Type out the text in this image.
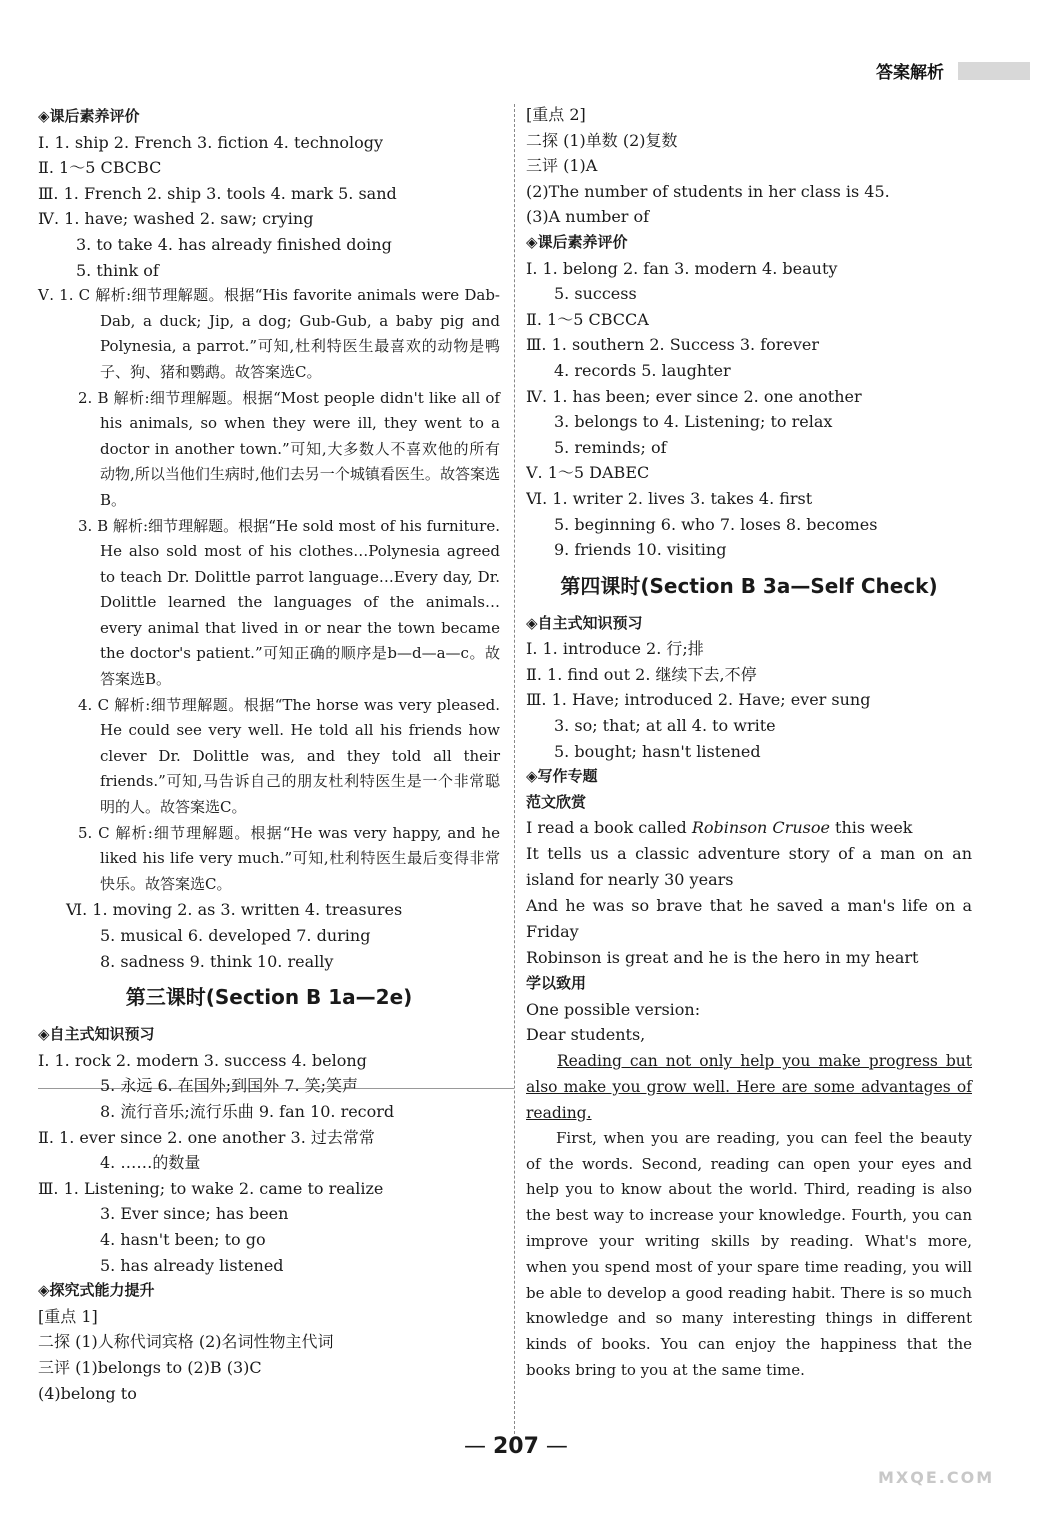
答案解析
◈课后素养评价
Ⅰ. 1. ship 2. French 3. fiction 4. technology
Ⅱ. 1～5 CBCBC
Ⅲ. 1. French 2. ship 3. tools 4. mark 5. sand
Ⅳ. 1. have; washed 2. saw; crying
3. to take 4. has already finished doing
5. think of

Ⅴ. 1. C 解析:细节理解题。根据“His favorite animals were Dab-Dab, a duck; Jip, a dog; Gub-Gub, a baby pig and Polynesia, a parrot.”可知,杜利特医生最喜欢的动物是鸭子、狗、猪和鹦鹉。故答案选C。

2. B 解析:细节理解题。根据“Most people didn't like all of his animals, so when they were ill, they went to a doctor in another town.”可知,大多数人不喜欢他的所有动物,所以当他们生病时,他们去另一个城镇看医生。故答案选B。

3. B 解析:细节理解题。根据“He sold most of his furniture. He also sold most of his clothes…Polynesia agreed to teach Dr. Dolittle parrot language…Every day, Dr. Dolittle learned the languages of the animals…every animal that lived in or near the town became the doctor's patient.”可知正确的顺序是b—d—a—c。故答案选B。

4. C 解析:细节理解题。根据“The horse was very pleased. He could see very well. He told all his friends how clever Dr. Dolittle was, and they told all their friends.”可知,马告诉自己的朋友杜利特医生是一个非常聪明的人。故答案选C。

5. C 解析:细节理解题。根据“He was very happy, and he liked his life very much.”可知,杜利特医生最后变得非常快乐。故答案选C。

Ⅵ. 1. moving 2. as 3. written 4. treasures
5. musical 6. developed 7. during
8. sadness 9. think 10. really
第三课时(Section B 1a—2e)
◈自主式知识预习
Ⅰ. 1. rock 2. modern 3. success 4. belong
5. 永远 6. 在国外;到国外 7. 笑;笑声
8. 流行音乐;流行乐曲 9. fan 10. record
Ⅱ. 1. ever since 2. one another 3. 过去常常
4. ……的数量
Ⅲ. 1. Listening; to wake 2. came to realize
3. Ever since; has been
4. hasn't been; to go
5. has already listened
◈探究式能力提升
[重点 1]
二探 (1)人称代词宾格 (2)名词性物主代词
三评 (1)belongs to (2)B (3)C
(4)belong to
[重点 2]
二探 (1)单数 (2)复数
三评 (1)A
(2)The number of students in her class is 45.
(3)A number of
◈课后素养评价
Ⅰ. 1. belong 2. fan 3. modern 4. beauty
5. success
Ⅱ. 1～5 CBCCA
Ⅲ. 1. southern 2. Success 3. forever
4. records 5. laughter
Ⅳ. 1. has been; ever since 2. one another
3. belongs to 4. Listening; to relax
5. reminds; of
Ⅴ. 1～5 DABEC
Ⅵ. 1. writer 2. lives 3. takes 4. first
5. beginning 6. who 7. loses 8. becomes
9. friends 10. visiting
第四课时(Section B 3a—Self Check)
◈自主式知识预习
Ⅰ. 1. introduce 2. 行;排
Ⅱ. 1. find out 2. 继续下去,不停
Ⅲ. 1. Have; introduced 2. Have; ever sung
3. so; that; at all 4. to write
5. bought; hasn't listened
◈写作专题
范文欣赏
I read a book called Robinson Crusoe this week

It tells us a classic adventure story of a man on an island for nearly 30 years

And he was so brave that he saved a man's life on a Friday

Robinson is great and he is the hero in my heart

学以致用
One possible version:
Dear students,

Reading can not only help you make progress but also make you grow well. Here are some advantages of reading.

First, when you are reading, you can feel the beauty of the words. Second, reading can open your eyes and help you to know about the world. Third, reading is also the best way to increase your knowledge. Fourth, you can improve your writing skills by reading. What's more, when you spend most of your spare time reading, you will be able to develop a good reading habit. There is so much knowledge and so many interesting things in different kinds of books. You can enjoy the happiness that the books bring to you at the same time.

— 207 —
MXQE.COM
